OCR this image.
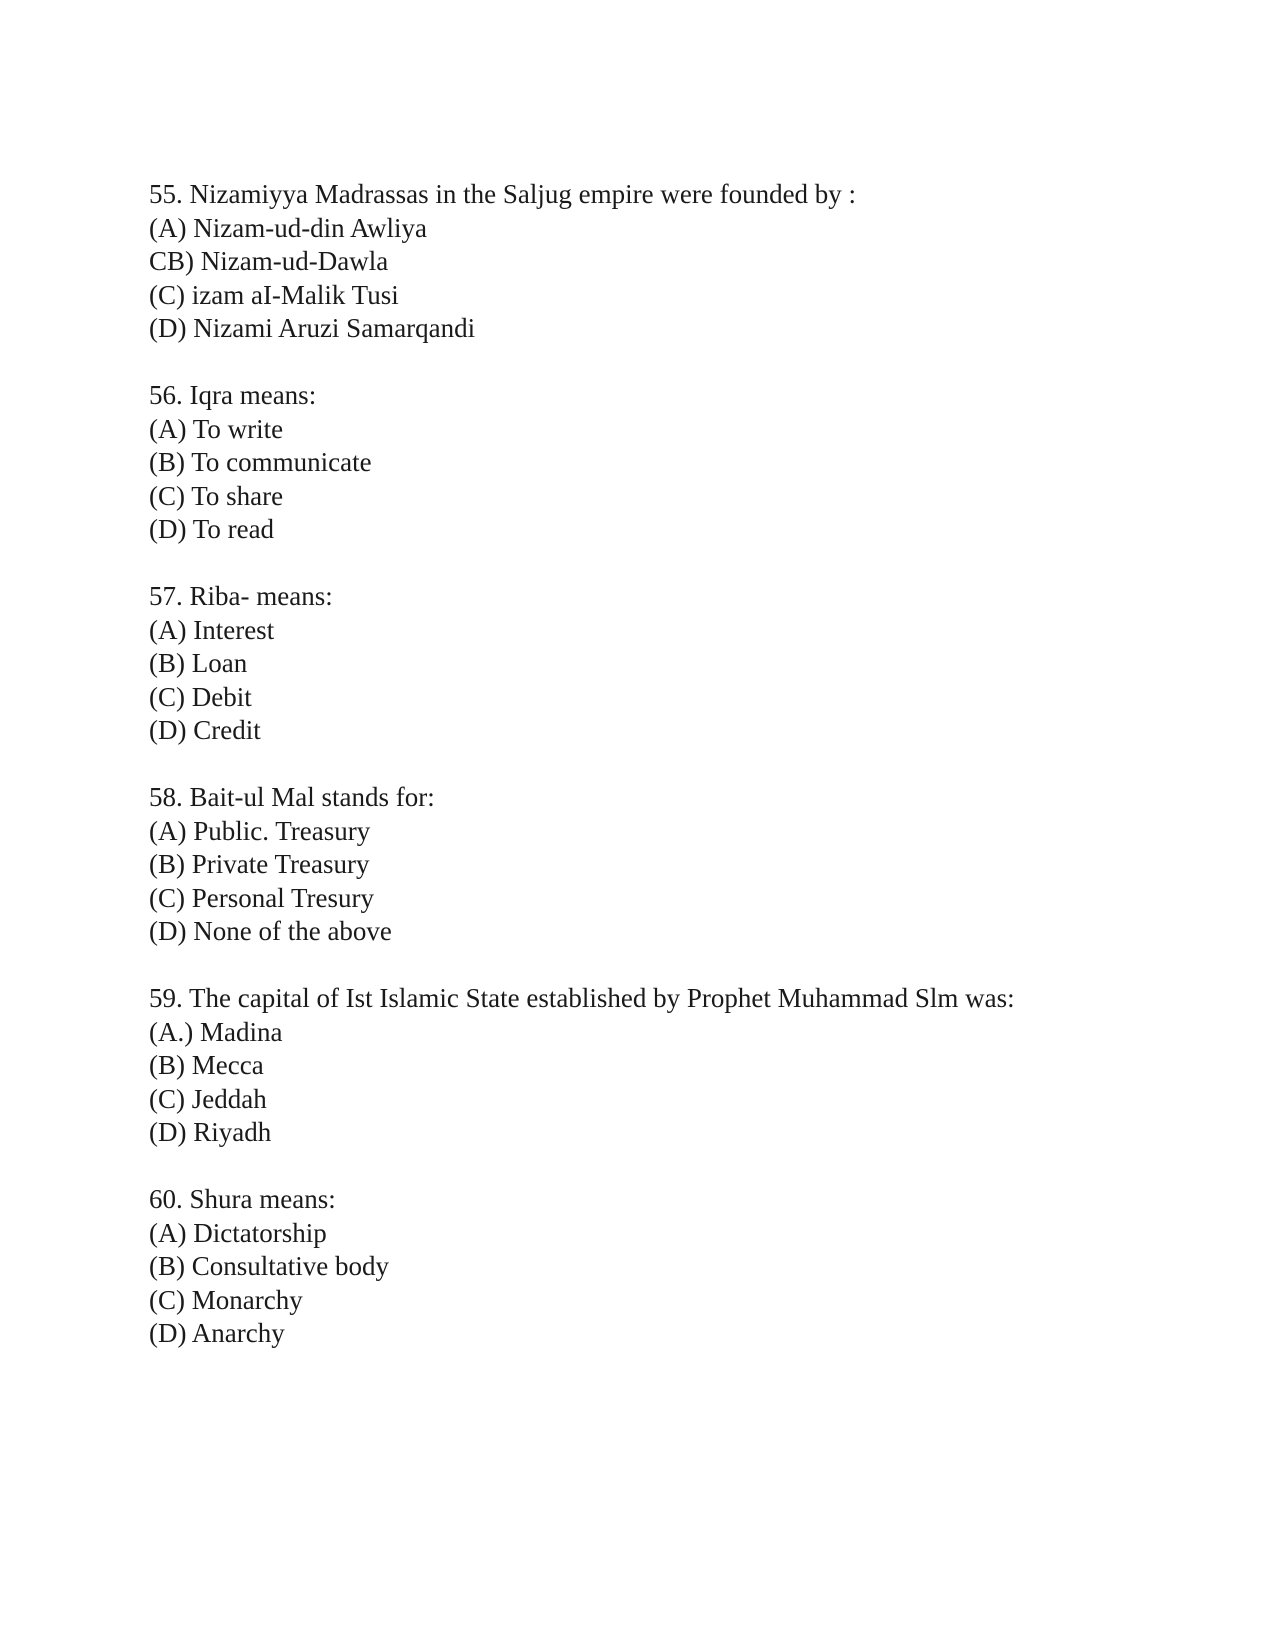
55. Nizamiyya Madrassas in the Saljug empire were founded by :
(A) Nizam-ud-din Awliya
CB) Nizam-ud-Dawla
(C) izam aI-Malik Tusi
(D) Nizami Aruzi Samarqandi
56. Iqra means:
(A) To write
(B) To communicate
(C) To share
(D) To read
57. Riba- means:
(A) Interest
(B) Loan
(C) Debit
(D) Credit
58. Bait-ul Mal stands for:
(A) Public. Treasury
(B) Private Treasury
(C) Personal Tresury
(D) None of the above
59. The capital of Ist Islamic State established by Prophet Muhammad Slm was:
(A.) Madina
(B) Mecca
(C) Jeddah
(D) Riyadh
60. Shura means:
(A) Dictatorship
(B) Consultative body
(C) Monarchy
(D) Anarchy
